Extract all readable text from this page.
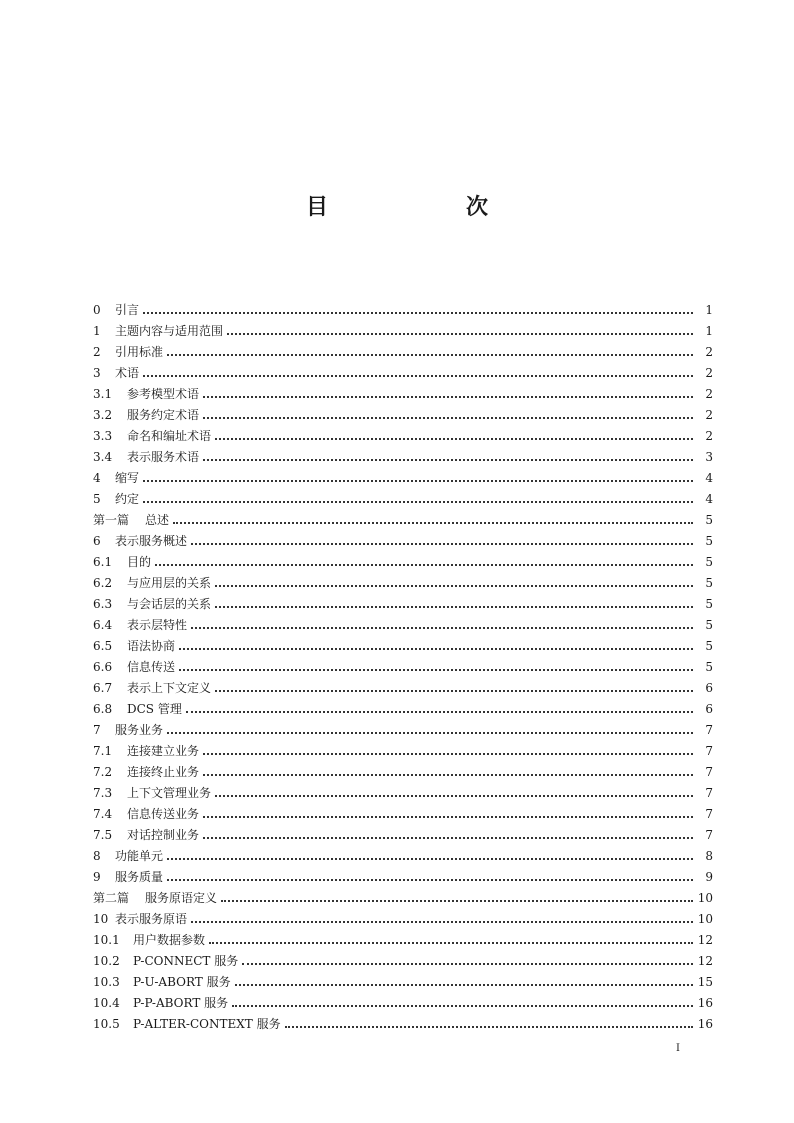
目　次
0	引言	1
1	主题内容与适用范围	1
2	引用标准	2
3	术语	2
3.1	参考模型术语	2
3.2	服务约定术语	2
3.3	命名和编址术语	2
3.4	表示服务术语	3
4	缩写	4
5	约定	4
第一篇	总述	5
6	表示服务概述	5
6.1	目的	5
6.2	与应用层的关系	5
6.3	与会话层的关系	5
6.4	表示层特性	5
6.5	语法协商	5
6.6	信息传送	5
6.7	表示上下文定义	6
6.8	DCS 管理	6
7	服务业务	7
7.1	连接建立业务	7
7.2	连接终止业务	7
7.3	上下文管理业务	7
7.4	信息传送业务	7
7.5	对话控制业务	7
8	功能单元	8
9	服务质量	9
第二篇	服务原语定义	10
10 表示服务原语	10
10.1	用户数据参数	12
10.2	P-CONNECT 服务	12
10.3	P-U-ABORT 服务	15
10.4	P-P-ABORT 服务	16
10.5	P-ALTER-CONTEXT 服务	16
I
